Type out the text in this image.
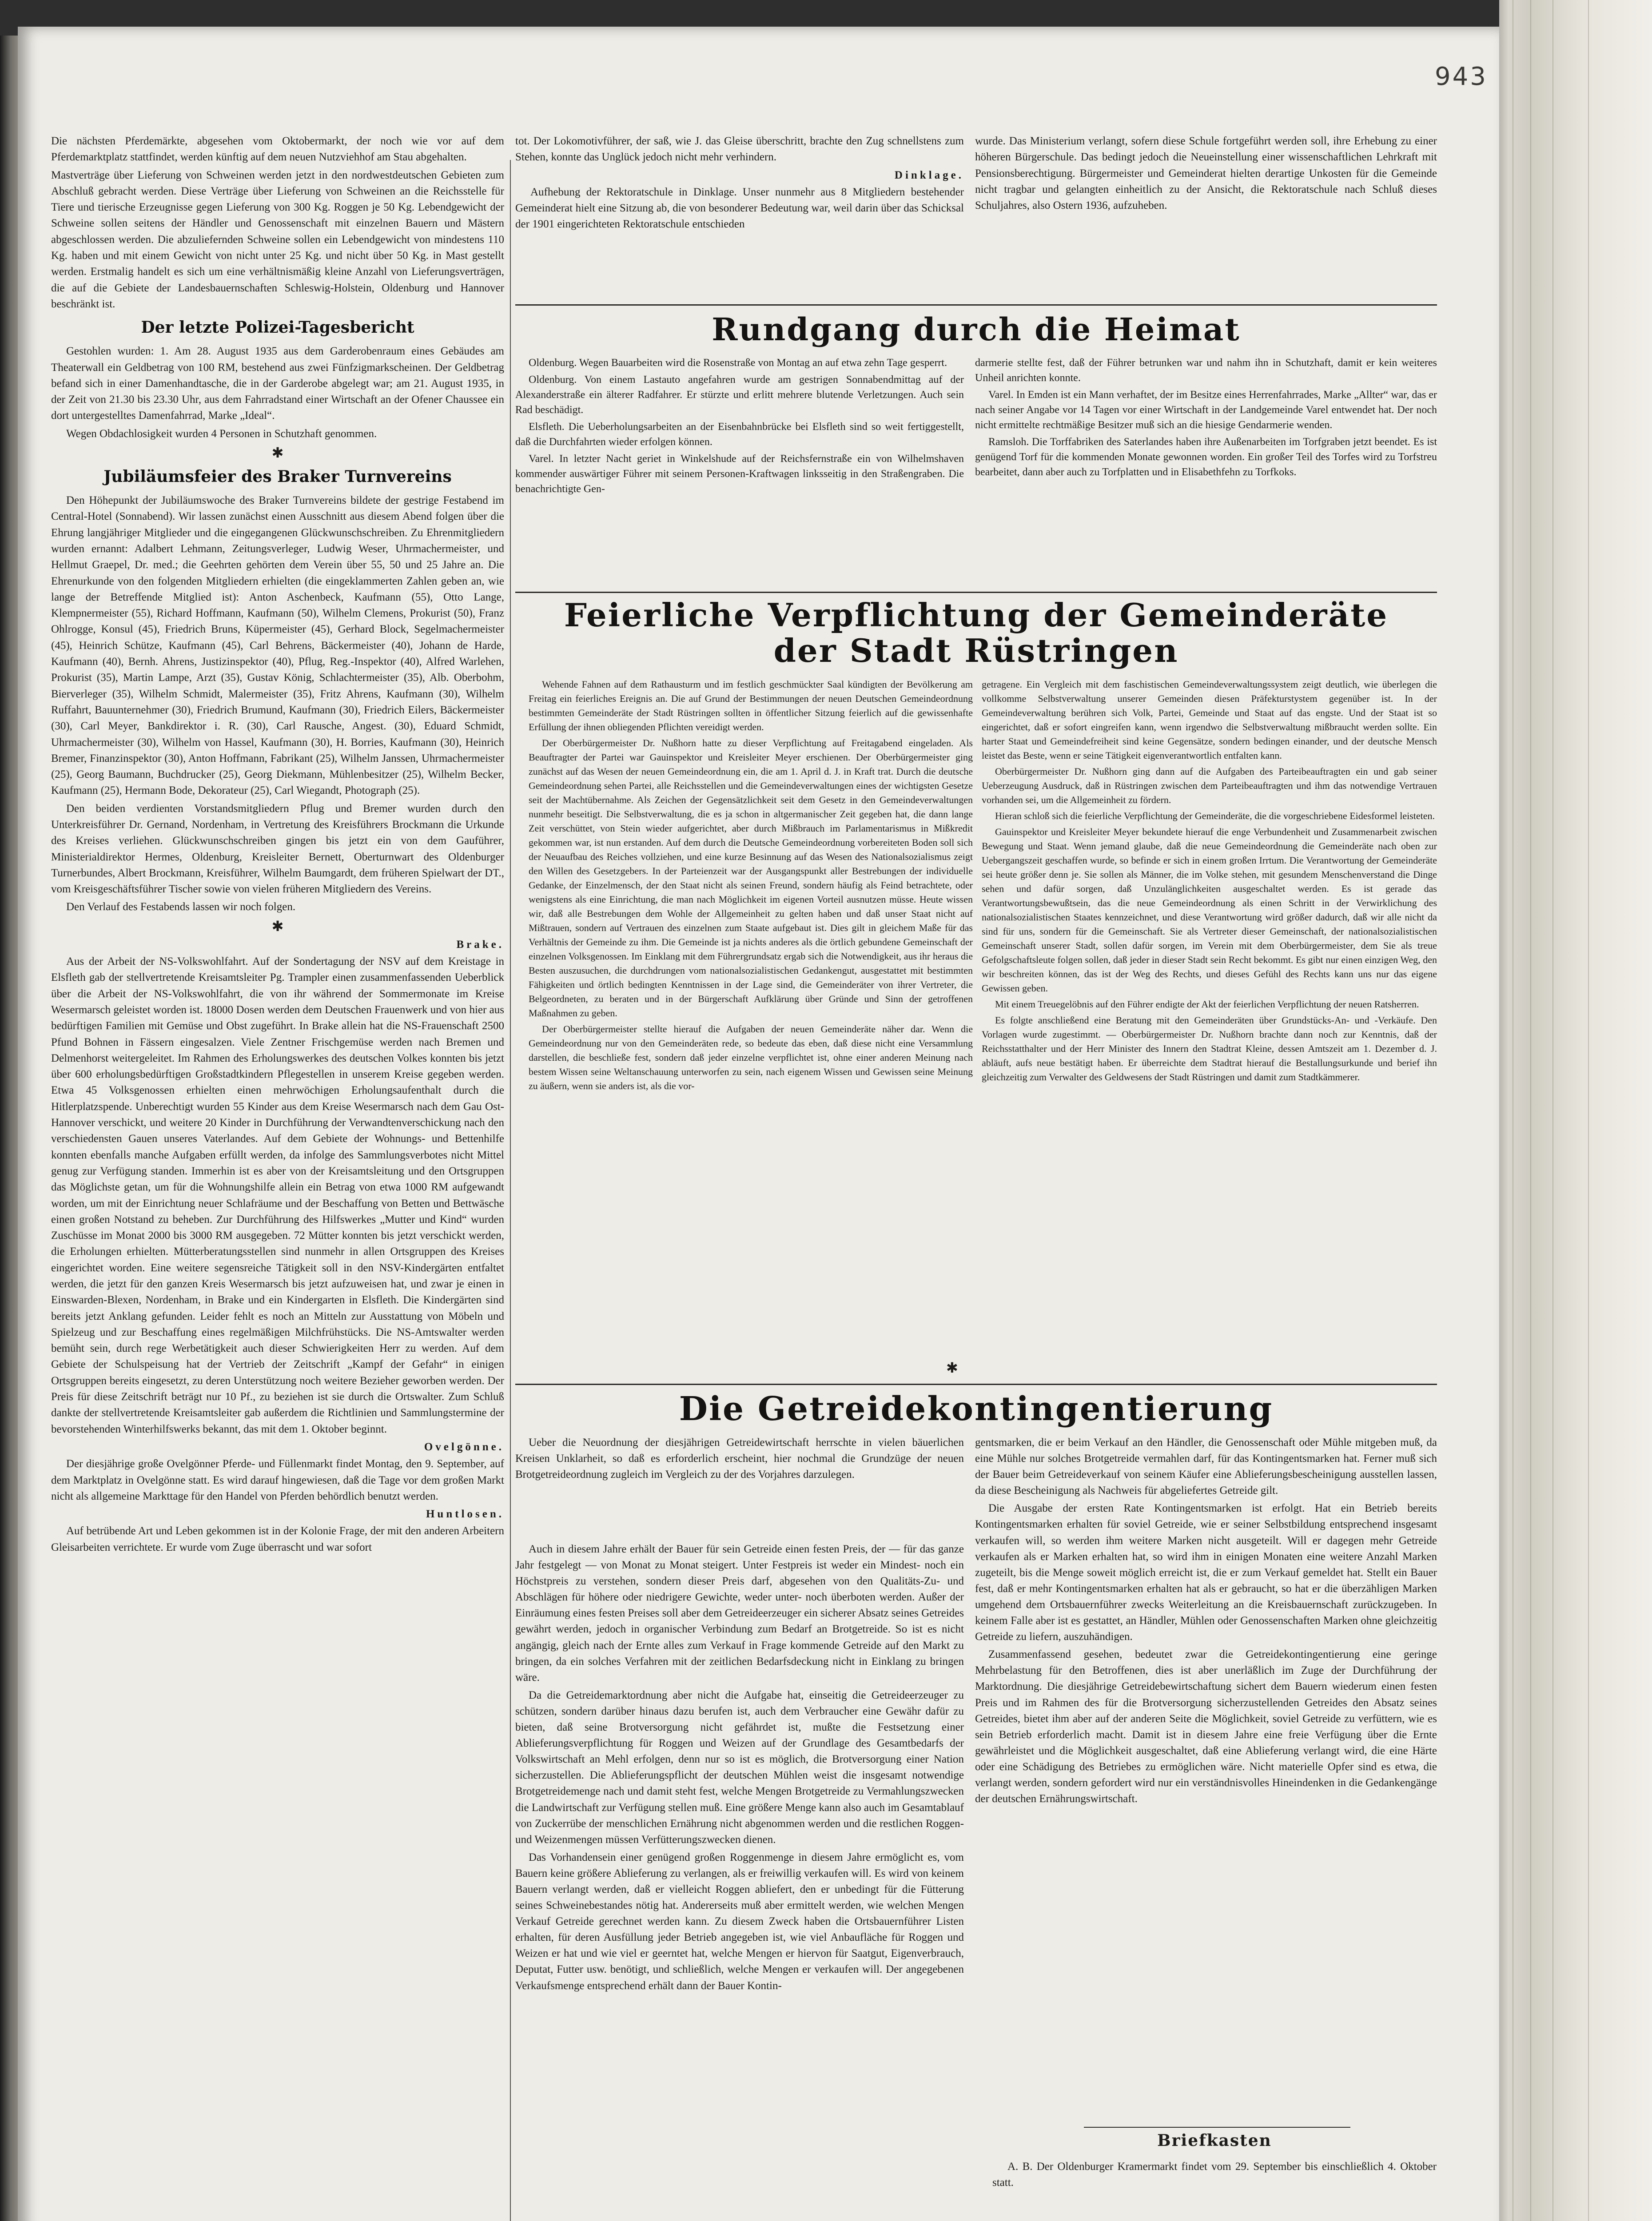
943

Die nächsten Pferdemärkte, abgesehen vom Oktobermarkt, der noch wie vor auf dem Pferdemarktplatz stattfindet, werden künftig auf dem neuen Nutzviehhof am Stau abgehalten.

Mastverträge über Lieferung von Schweinen werden jetzt in den nordwestdeutschen Gebieten zum Abschluß gebracht werden. Diese Verträge über Lieferung von Schweinen an die Reichsstelle für Tiere und tierische Erzeugnisse gegen Lieferung von 300 Kg. Roggen je 50 Kg. Lebendgewicht der Schweine sollen seitens der Händler und Genossenschaft mit einzelnen Bauern und Mästern abgeschlossen werden. Die abzuliefernden Schweine sollen ein Lebendgewicht von mindestens 110 Kg. haben und mit einem Gewicht von nicht unter 25 Kg. und nicht über 50 Kg. in Mast gestellt werden. Erstmalig handelt es sich um eine verhältnismäßig kleine Anzahl von Lieferungsverträgen, die auf die Gebiete der Landesbauernschaften Schleswig-Holstein, Oldenburg und Hannover beschränkt ist.

Der letzte Polizei-Tagesbericht

Gestohlen wurden: 1. Am 28. August 1935 aus dem Garderobenraum eines Gebäudes am Theaterwall ein Geldbetrag von 100 RM, bestehend aus zwei Fünfzigmarkscheinen. Der Geldbetrag befand sich in einer Damenhandtasche, die in der Garderobe abgelegt war; am 21. August 1935, in der Zeit von 21.30 bis 23.30 Uhr, aus dem Fahrradstand einer Wirtschaft an der Ofener Chaussee ein dort untergestelltes Damenfahrrad, Marke „Ideal“.

Wegen Obdachlosigkeit wurden 4 Personen in Schutzhaft genommen.

✱
Jubiläumsfeier des Braker Turnvereins

Den Höhepunkt der Jubiläumswoche des Braker Turnvereins bildete der gestrige Festabend im Central-Hotel (Sonnabend). Wir lassen zunächst einen Ausschnitt aus diesem Abend folgen über die Ehrung langjähriger Mitglieder und die eingegangenen Glückwunschschreiben. Zu Ehrenmitgliedern wurden ernannt: Adalbert Lehmann, Zeitungsverleger, Ludwig Weser, Uhrmachermeister, und Hellmut Graepel, Dr. med.; die Geehrten gehörten dem Verein über 55, 50 und 25 Jahre an. Die Ehrenurkunde von den folgenden Mitgliedern erhielten (die eingeklammerten Zahlen geben an, wie lange der Betreffende Mitglied ist): Anton Aschenbeck, Kaufmann (55), Otto Lange, Klempnermeister (55), Richard Hoffmann, Kaufmann (50), Wilhelm Clemens, Prokurist (50), Franz Ohlrogge, Konsul (45), Friedrich Bruns, Küpermeister (45), Gerhard Block, Segelmachermeister (45), Heinrich Schütze, Kaufmann (45), Carl Behrens, Bäckermeister (40), Johann de Harde, Kaufmann (40), Bernh. Ahrens, Justizinspektor (40), Pflug, Reg.-Inspektor (40), Alfred Warlehen, Prokurist (35), Martin Lampe, Arzt (35), Gustav König, Schlachtermeister (35), Alb. Oberbohm, Bierverleger (35), Wilhelm Schmidt, Malermeister (35), Fritz Ahrens, Kaufmann (30), Wilhelm Ruffahrt, Bauunternehmer (30), Friedrich Brumund, Kaufmann (30), Friedrich Eilers, Bäckermeister (30), Carl Meyer, Bankdirektor i. R. (30), Carl Rausche, Angest. (30), Eduard Schmidt, Uhrmachermeister (30), Wilhelm von Hassel, Kaufmann (30), H. Borries, Kaufmann (30), Heinrich Bremer, Finanzinspektor (30), Anton Hoffmann, Fabrikant (25), Wilhelm Janssen, Uhrmachermeister (25), Georg Baumann, Buchdrucker (25), Georg Diekmann, Mühlenbesitzer (25), Wilhelm Becker, Kaufmann (25), Hermann Bode, Dekorateur (25), Carl Wiegandt, Photograph (25).

Den beiden verdienten Vorstandsmitgliedern Pflug und Bremer wurden durch den Unterkreisführer Dr. Gernand, Nordenham, in Vertretung des Kreisführers Brockmann die Urkunde des Kreises verliehen. Glückwunschschreiben gingen bis jetzt ein von dem Gauführer, Ministerialdirektor Hermes, Oldenburg, Kreisleiter Bernett, Oberturnwart des Oldenburger Turnerbundes, Albert Brockmann, Kreisführer, Wilhelm Baumgardt, dem früheren Spielwart der DT., vom Kreisgeschäftsführer Tischer sowie von vielen früheren Mitgliedern des Vereins.

Den Verlauf des Festabends lassen wir noch folgen.

✱
Brake.

Aus der Arbeit der NS-Volkswohlfahrt. Auf der Sondertagung der NSV auf dem Kreistage in Elsfleth gab der stellvertretende Kreisamtsleiter Pg. Trampler einen zusammenfassenden Ueberblick über die Arbeit der NS-Volkswohlfahrt, die von ihr während der Sommermonate im Kreise Wesermarsch geleistet worden ist. 18000 Dosen werden dem Deutschen Frauenwerk und von hier aus bedürftigen Familien mit Gemüse und Obst zugeführt. In Brake allein hat die NS-Frauenschaft 2500 Pfund Bohnen in Fässern eingesalzen. Viele Zentner Frischgemüse werden nach Bremen und Delmenhorst weitergeleitet. Im Rahmen des Erholungswerkes des deutschen Volkes konnten bis jetzt über 600 erholungsbedürftigen Großstadtkindern Pflegestellen in unserem Kreise gegeben werden. Etwa 45 Volksgenossen erhielten einen mehrwöchigen Erholungsaufenthalt durch die Hitlerplatzspende. Unberechtigt wurden 55 Kinder aus dem Kreise Wesermarsch nach dem Gau Ost-Hannover verschickt, und weitere 20 Kinder in Durchführung der Verwandtenverschickung nach den verschiedensten Gauen unseres Vaterlandes. Auf dem Gebiete der Wohnungs- und Bettenhilfe konnten ebenfalls manche Aufgaben erfüllt werden, da infolge des Sammlungsverbotes nicht Mittel genug zur Verfügung standen. Immerhin ist es aber von der Kreisamtsleitung und den Ortsgruppen das Möglichste getan, um für die Wohnungshilfe allein ein Betrag von etwa 1000 RM aufgewandt worden, um mit der Einrichtung neuer Schlafräume und der Beschaffung von Betten und Bettwäsche einen großen Notstand zu beheben. Zur Durchführung des Hilfswerkes „Mutter und Kind“ wurden Zuschüsse im Monat 2000 bis 3000 RM ausgegeben. 72 Mütter konnten bis jetzt verschickt werden, die Erholungen erhielten. Mütterberatungsstellen sind nunmehr in allen Ortsgruppen des Kreises eingerichtet worden. Eine weitere segensreiche Tätigkeit soll in den NSV-Kindergärten entfaltet werden, die jetzt für den ganzen Kreis Wesermarsch bis jetzt aufzuweisen hat, und zwar je einen in Einswarden-Blexen, Nordenham, in Brake und ein Kindergarten in Elsfleth. Die Kindergärten sind bereits jetzt Anklang gefunden. Leider fehlt es noch an Mitteln zur Ausstattung von Möbeln und Spielzeug und zur Beschaffung eines regelmäßigen Milchfrühstücks. Die NS-Amtswalter werden bemüht sein, durch rege Werbetätigkeit auch dieser Schwierigkeiten Herr zu werden. Auf dem Gebiete der Schulspeisung hat der Vertrieb der Zeitschrift „Kampf der Gefahr“ in einigen Ortsgruppen bereits eingesetzt, zu deren Unterstützung noch weitere Bezieher geworben werden. Der Preis für diese Zeitschrift beträgt nur 10 Pf., zu beziehen ist sie durch die Ortswalter. Zum Schluß dankte der stellvertretende Kreisamtsleiter gab außerdem die Richtlinien und Sammlungstermine der bevorstehenden Winterhilfswerks bekannt, das mit dem 1. Oktober beginnt.

Ovelgönne.

Der diesjährige große Ovelgönner Pferde- und Füllenmarkt findet Montag, den 9. September, auf dem Marktplatz in Ovelgönne statt. Es wird darauf hingewiesen, daß die Tage vor dem großen Markt nicht als allgemeine Markttage für den Handel von Pferden behördlich benutzt werden.

Huntlosen.

Auf betrübende Art und Leben gekommen ist in der Kolonie Frage, der mit den anderen Arbeitern Gleisarbeiten verrichtete. Er wurde vom Zuge überrascht und war sofort

tot. Der Lokomotivführer, der saß, wie J. das Gleise überschritt, brachte den Zug schnellstens zum Stehen, konnte das Unglück jedoch nicht mehr verhindern.

Dinklage.

Aufhebung der Rektoratschule in Dinklage. Unser nunmehr aus 8 Mitgliedern bestehender Gemeinderat hielt eine Sitzung ab, die von besonderer Bedeutung war, weil darin über das Schicksal der 1901 eingerichteten Rektoratschule entschieden

wurde. Das Ministerium verlangt, sofern diese Schule fortgeführt werden soll, ihre Erhebung zu einer höheren Bürgerschule. Das bedingt jedoch die Neueinstellung einer wissenschaftlichen Lehrkraft mit Pensionsberechtigung. Bürgermeister und Gemeinderat hielten derartige Unkosten für die Gemeinde nicht tragbar und gelangten einheitlich zu der Ansicht, die Rektoratschule nach Schluß dieses Schuljahres, also Ostern 1936, aufzuheben.

Rundgang durch die Heimat

Oldenburg. Wegen Bauarbeiten wird die Rosenstraße von Montag an auf etwa zehn Tage gesperrt.

Oldenburg. Von einem Lastauto angefahren wurde am gestrigen Sonnabendmittag auf der Alexanderstraße ein älterer Radfahrer. Er stürzte und erlitt mehrere blutende Verletzungen. Auch sein Rad beschädigt.

Elsfleth. Die Ueberholungsarbeiten an der Eisenbahnbrücke bei Elsfleth sind so weit fertiggestellt, daß die Durchfahrten wieder erfolgen können.

Varel. In letzter Nacht geriet in Winkelshude auf der Reichsfernstraße ein von Wilhelmshaven kommender auswärtiger Führer mit seinem Personen-Kraftwagen linksseitig in den Straßengraben. Die benachrichtigte Gen-

darmerie stellte fest, daß der Führer betrunken war und nahm ihn in Schutzhaft, damit er kein weiteres Unheil anrichten konnte.

Varel. In Emden ist ein Mann verhaftet, der im Besitze eines Herrenfahrrades, Marke „Allter“ war, das er nach seiner Angabe vor 14 Tagen vor einer Wirtschaft in der Landgemeinde Varel entwendet hat. Der noch nicht ermittelte rechtmäßige Besitzer muß sich an die hiesige Gendarmerie wenden.

Ramsloh. Die Torffabriken des Saterlandes haben ihre Außenarbeiten im Torfgraben jetzt beendet. Es ist genügend Torf für die kommenden Monate gewonnen worden. Ein großer Teil des Torfes wird zu Torfstreu bearbeitet, dann aber auch zu Torfplatten und in Elisabethfehn zu Torfkoks.

Feierliche Verpflichtung der Gemeinderäte
der Stadt Rüstringen

Wehende Fahnen auf dem Rathausturm und im festlich geschmückter Saal kündigten der Bevölkerung am Freitag ein feierliches Ereignis an. Die auf Grund der Bestimmungen der neuen Deutschen Gemeindeordnung bestimmten Gemeinderäte der Stadt Rüstringen sollten in öffentlicher Sitzung feierlich auf die gewissenhafte Erfüllung der ihnen obliegenden Pflichten vereidigt werden.

Der Oberbürgermeister Dr. Nußhorn hatte zu dieser Verpflichtung auf Freitagabend eingeladen. Als Beauftragter der Partei war Gauinspektor und Kreisleiter Meyer erschienen. Der Oberbürgermeister ging zunächst auf das Wesen der neuen Gemeindeordnung ein, die am 1. April d. J. in Kraft trat. Durch die deutsche Gemeindeordnung sehen Partei, alle Reichsstellen und die Gemeindeverwaltungen eines der wichtigsten Gesetze seit der Machtübernahme. Als Zeichen der Gegensätzlichkeit seit dem Gesetz in den Gemeindeverwaltungen nunmehr beseitigt. Die Selbstverwaltung, die es ja schon in altgermanischer Zeit gegeben hat, die dann lange Zeit verschüttet, von Stein wieder aufgerichtet, aber durch Mißbrauch im Parlamentarismus in Mißkredit gekommen war, ist nun erstanden. Auf dem durch die Deutsche Gemeindeordnung vorbereiteten Boden soll sich der Neuaufbau des Reiches vollziehen, und eine kurze Besinnung auf das Wesen des Nationalsozialismus zeigt den Willen des Gesetzgebers. In der Parteienzeit war der Ausgangspunkt aller Bestrebungen der individuelle Gedanke, der Einzelmensch, der den Staat nicht als seinen Freund, sondern häufig als Feind betrachtete, oder wenigstens als eine Einrichtung, die man nach Möglichkeit im eigenen Vorteil ausnutzen müsse. Heute wissen wir, daß alle Bestrebungen dem Wohle der Allgemeinheit zu gelten haben und daß unser Staat nicht auf Mißtrauen, sondern auf Vertrauen des einzelnen zum Staate aufgebaut ist. Dies gilt in gleichem Maße für das Verhältnis der Gemeinde zu ihm. Die Gemeinde ist ja nichts anderes als die örtlich gebundene Gemeinschaft der einzelnen Volksgenossen. Im Einklang mit dem Führergrundsatz ergab sich die Notwendigkeit, aus ihr heraus die Besten auszusuchen, die durchdrungen vom nationalsozialistischen Gedankengut, ausgestattet mit bestimmten Fähigkeiten und örtlich bedingten Kenntnissen in der Lage sind, die Gemeinderäter von ihrer Vertreter, die Belgeordneten, zu beraten und in der Bürgerschaft Aufklärung über Gründe und Sinn der getroffenen Maßnahmen zu geben.

Der Oberbürgermeister stellte hierauf die Aufgaben der neuen Gemeinderäte näher dar. Wenn die Gemeindeordnung nur von den Gemeinderäten rede, so bedeute das eben, daß diese nicht eine Versammlung darstellen, die beschließe fest, sondern daß jeder einzelne verpflichtet ist, ohne einer anderen Meinung nach bestem Wissen seine Weltanschauung unterworfen zu sein, nach eigenem Wissen und Gewissen seine Meinung zu äußern, wenn sie anders ist, als die vor-

getragene. Ein Vergleich mit dem faschistischen Gemeindeverwaltungssystem zeigt deutlich, wie überlegen die vollkomme Selbstverwaltung unserer Gemeinden diesen Präfekturstystem gegenüber ist. In der Gemeindeverwaltung berühren sich Volk, Partei, Gemeinde und Staat auf das engste. Und der Staat ist so eingerichtet, daß er sofort eingreifen kann, wenn irgendwo die Selbstverwaltung mißbraucht werden sollte. Ein harter Staat und Gemeindefreiheit sind keine Gegensätze, sondern bedingen einander, und der deutsche Mensch leistet das Beste, wenn er seine Tätigkeit eigenverantwortlich entfalten kann.

Oberbürgermeister Dr. Nußhorn ging dann auf die Aufgaben des Parteibeauftragten ein und gab seiner Ueberzeugung Ausdruck, daß in Rüstringen zwischen dem Parteibeauftragten und ihm das notwendige Vertrauen vorhanden sei, um die Allgemeinheit zu fördern.

Hieran schloß sich die feierliche Verpflichtung der Gemeinderäte, die die vorgeschriebene Eidesformel leisteten.

Gauinspektor und Kreisleiter Meyer bekundete hierauf die enge Verbundenheit und Zusammenarbeit zwischen Bewegung und Staat. Wenn jemand glaube, daß die neue Gemeindeordnung die Gemeinderäte nach oben zur Uebergangszeit geschaffen wurde, so befinde er sich in einem großen Irrtum. Die Verantwortung der Gemeinderäte sei heute größer denn je. Sie sollen als Männer, die im Volke stehen, mit gesundem Menschenverstand die Dinge sehen und dafür sorgen, daß Unzulänglichkeiten ausgeschaltet werden. Es ist gerade das Verantwortungsbewußtsein, das die neue Gemeindeordnung als einen Schritt in der Verwirklichung des nationalsozialistischen Staates kennzeichnet, und diese Verantwortung wird größer dadurch, daß wir alle nicht da sind für uns, sondern für die Gemeinschaft. Sie als Vertreter dieser Gemeinschaft, der nationalsozialistischen Gemeinschaft unserer Stadt, sollen dafür sorgen, im Verein mit dem Oberbürgermeister, dem Sie als treue Gefolgschaftsleute folgen sollen, daß jeder in dieser Stadt sein Recht bekommt. Es gibt nur einen einzigen Weg, den wir beschreiten können, das ist der Weg des Rechts, und dieses Gefühl des Rechts kann uns nur das eigene Gewissen geben.

Mit einem Treuegelöbnis auf den Führer endigte der Akt der feierlichen Verpflichtung der neuen Ratsherren.

Es folgte anschließend eine Beratung mit den Gemeinderäten über Grundstücks-An- und -Verkäufe. Den Vorlagen wurde zugestimmt. — Oberbürgermeister Dr. Nußhorn brachte dann noch zur Kenntnis, daß der Reichsstatthalter und der Herr Minister des Innern den Stadtrat Kleine, dessen Amtszeit am 1. Dezember d. J. abläuft, aufs neue bestätigt haben. Er überreichte dem Stadtrat hierauf die Bestallungsurkunde und berief ihn gleichzeitig zum Verwalter des Geldwesens der Stadt Rüstringen und damit zum Stadtkämmerer.

✱
Die Getreidekontingentierung

Ueber die Neuordnung der diesjährigen Getreidewirtschaft herrschte in vielen bäuerlichen Kreisen Unklarheit, so daß es erforderlich erscheint, hier nochmal die Grundzüge der neuen Brotgetreideordnung zugleich im Vergleich zu der des Vorjahres darzulegen.

Auch in diesem Jahre erhält der Bauer für sein Getreide einen festen Preis, der — für das ganze Jahr festgelegt — von Monat zu Monat steigert. Unter Festpreis ist weder ein Mindest- noch ein Höchstpreis zu verstehen, sondern dieser Preis darf, abgesehen von den Qualitäts-Zu- und Abschlägen für höhere oder niedrigere Gewichte, weder unter- noch überboten werden. Außer der Einräumung eines festen Preises soll aber dem Getreideerzeuger ein sicherer Absatz seines Getreides gewährt werden, jedoch in organischer Verbindung zum Bedarf an Brotgetreide. So ist es nicht angängig, gleich nach der Ernte alles zum Verkauf in Frage kommende Getreide auf den Markt zu bringen, da ein solches Verfahren mit der zeitlichen Bedarfsdeckung nicht in Einklang zu bringen wäre.

Da die Getreidemarktordnung aber nicht die Aufgabe hat, einseitig die Getreideerzeuger zu schützen, sondern darüber hinaus dazu berufen ist, auch dem Verbraucher eine Gewähr dafür zu bieten, daß seine Brotversorgung nicht gefährdet ist, mußte die Festsetzung einer Ablieferungsverpflichtung für Roggen und Weizen auf der Grundlage des Gesamtbedarfs der Volkswirtschaft an Mehl erfolgen, denn nur so ist es möglich, die Brotversorgung einer Nation sicherzustellen. Die Ablieferungspflicht der deutschen Mühlen weist die insgesamt notwendige Brotgetreidemenge nach und damit steht fest, welche Mengen Brotgetreide zu Vermahlungszwecken die Landwirtschaft zur Verfügung stellen muß. Eine größere Menge kann also auch im Gesamtablauf von Zuckerrübe der menschlichen Ernährung nicht abgenommen werden und die restlichen Roggen- und Weizenmengen müssen Verfütterungszwecken dienen.

Das Vorhandensein einer genügend großen Roggenmenge in diesem Jahre ermöglicht es, vom Bauern keine größere Ablieferung zu verlangen, als er freiwillig verkaufen will. Es wird von keinem Bauern verlangt werden, daß er vielleicht Roggen abliefert, den er unbedingt für die Fütterung seines Schweinebestandes nötig hat. Andererseits muß aber ermittelt werden, wie welchen Mengen Verkauf Getreide gerechnet werden kann. Zu diesem Zweck haben die Ortsbauernführer Listen erhalten, für deren Ausfüllung jeder Betrieb angegeben ist, wie viel Anbaufläche für Roggen und Weizen er hat und wie viel er geerntet hat, welche Mengen er hiervon für Saatgut, Eigenverbrauch, Deputat, Futter usw. benötigt, und schließlich, welche Mengen er verkaufen will. Der angegebenen Verkaufsmenge entsprechend erhält dann der Bauer Kontin-

gentsmarken, die er beim Verkauf an den Händler, die Genossenschaft oder Mühle mitgeben muß, da eine Mühle nur solches Brotgetreide vermahlen darf, für das Kontingentsmarken hat. Ferner muß sich der Bauer beim Getreideverkauf von seinem Käufer eine Ablieferungsbescheinigung ausstellen lassen, da diese Bescheinigung als Nachweis für abgeliefertes Getreide gilt.

Die Ausgabe der ersten Rate Kontingentsmarken ist erfolgt. Hat ein Betrieb bereits Kontingentsmarken erhalten für soviel Getreide, wie er seiner Selbstbildung entsprechend insgesamt verkaufen will, so werden ihm weitere Marken nicht ausgeteilt. Will er dagegen mehr Getreide verkaufen als er Marken erhalten hat, so wird ihm in einigen Monaten eine weitere Anzahl Marken zugeteilt, bis die Menge soweit möglich erreicht ist, die er zum Verkauf gemeldet hat. Stellt ein Bauer fest, daß er mehr Kontingentsmarken erhalten hat als er gebraucht, so hat er die überzähligen Marken umgehend dem Ortsbauernführer zwecks Weiterleitung an die Kreisbauernschaft zurückzugeben. In keinem Falle aber ist es gestattet, an Händler, Mühlen oder Genossenschaften Marken ohne gleichzeitig Getreide zu liefern, auszuhändigen.

Zusammenfassend gesehen, bedeutet zwar die Getreidekontingentierung eine geringe Mehrbelastung für den Betroffenen, dies ist aber unerläßlich im Zuge der Durchführung der Marktordnung. Die diesjährige Getreidebewirtschaftung sichert dem Bauern wiederum einen festen Preis und im Rahmen des für die Brotversorgung sicherzustellenden Getreides den Absatz seines Getreides, bietet ihm aber auf der anderen Seite die Möglichkeit, soviel Getreide zu verfüttern, wie es sein Betrieb erforderlich macht. Damit ist in diesem Jahre eine freie Verfügung über die Ernte gewährleistet und die Möglichkeit ausgeschaltet, daß eine Ablieferung verlangt wird, die eine Härte oder eine Schädigung des Betriebes zu ermöglichen wäre. Nicht materielle Opfer sind es etwa, die verlangt werden, sondern gefordert wird nur ein verständnisvolles Hineindenken in die Gedankengänge der deutschen Ernährungswirtschaft.

Briefkasten
A. B. Der Oldenburger Kramermarkt findet vom 29. September bis einschließlich 4. Oktober statt.
